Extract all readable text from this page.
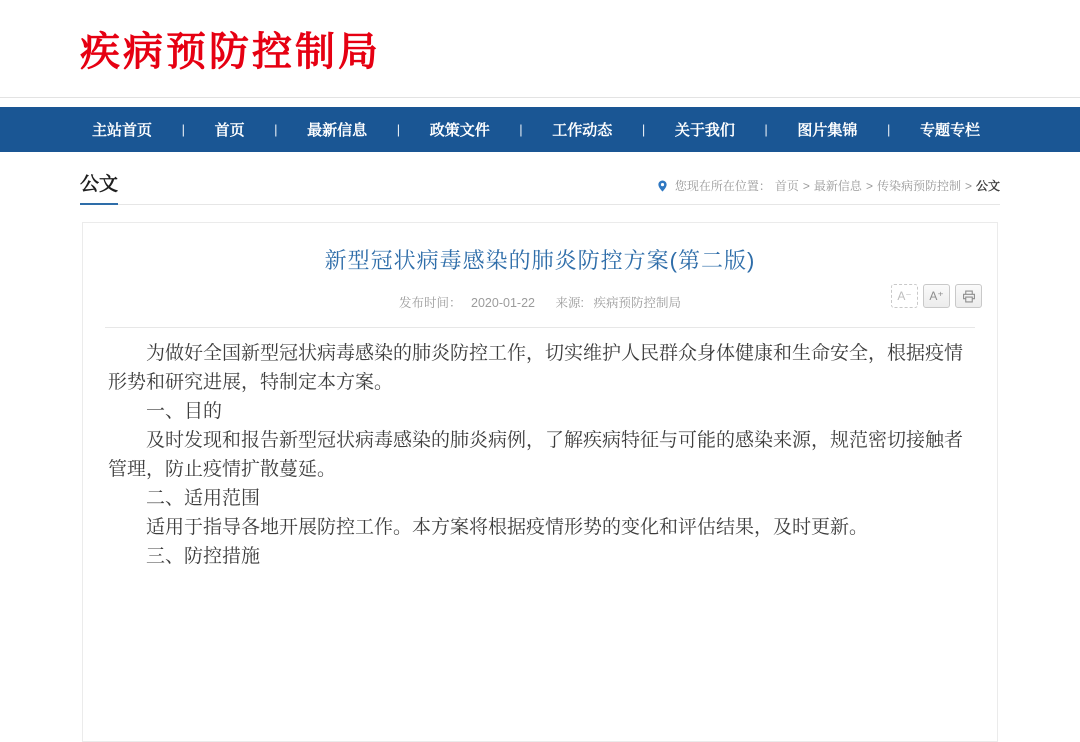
疾病预防控制局
主站首页 | 首页 | 最新信息 | 政策文件 | 工作动态 | 关于我们 | 图片集锦 | 专题专栏
公文	您现在所在位置： 首页 > 最新信息 > 传染病预防控制 > 公文
新型冠状病毒感染的肺炎防控方案(第二版)
发布时间： 2020-01-22 来源: 疾病预防控制局	A⁻	A⁺

为做好全国新型冠状病毒感染的肺炎防控工作，切实维护人民群众身体健康和生命安全，根据疫情形势和研究进展，特制定本方案。

一、目的

及时发现和报告新型冠状病毒感染的肺炎病例，了解疾病特征与可能的感染来源，规范密切接触者管理，防止疫情扩散蔓延。

二、适用范围

适用于指导各地开展防控工作。本方案将根据疫情形势的变化和评估结果，及时更新。

三、防控措施
